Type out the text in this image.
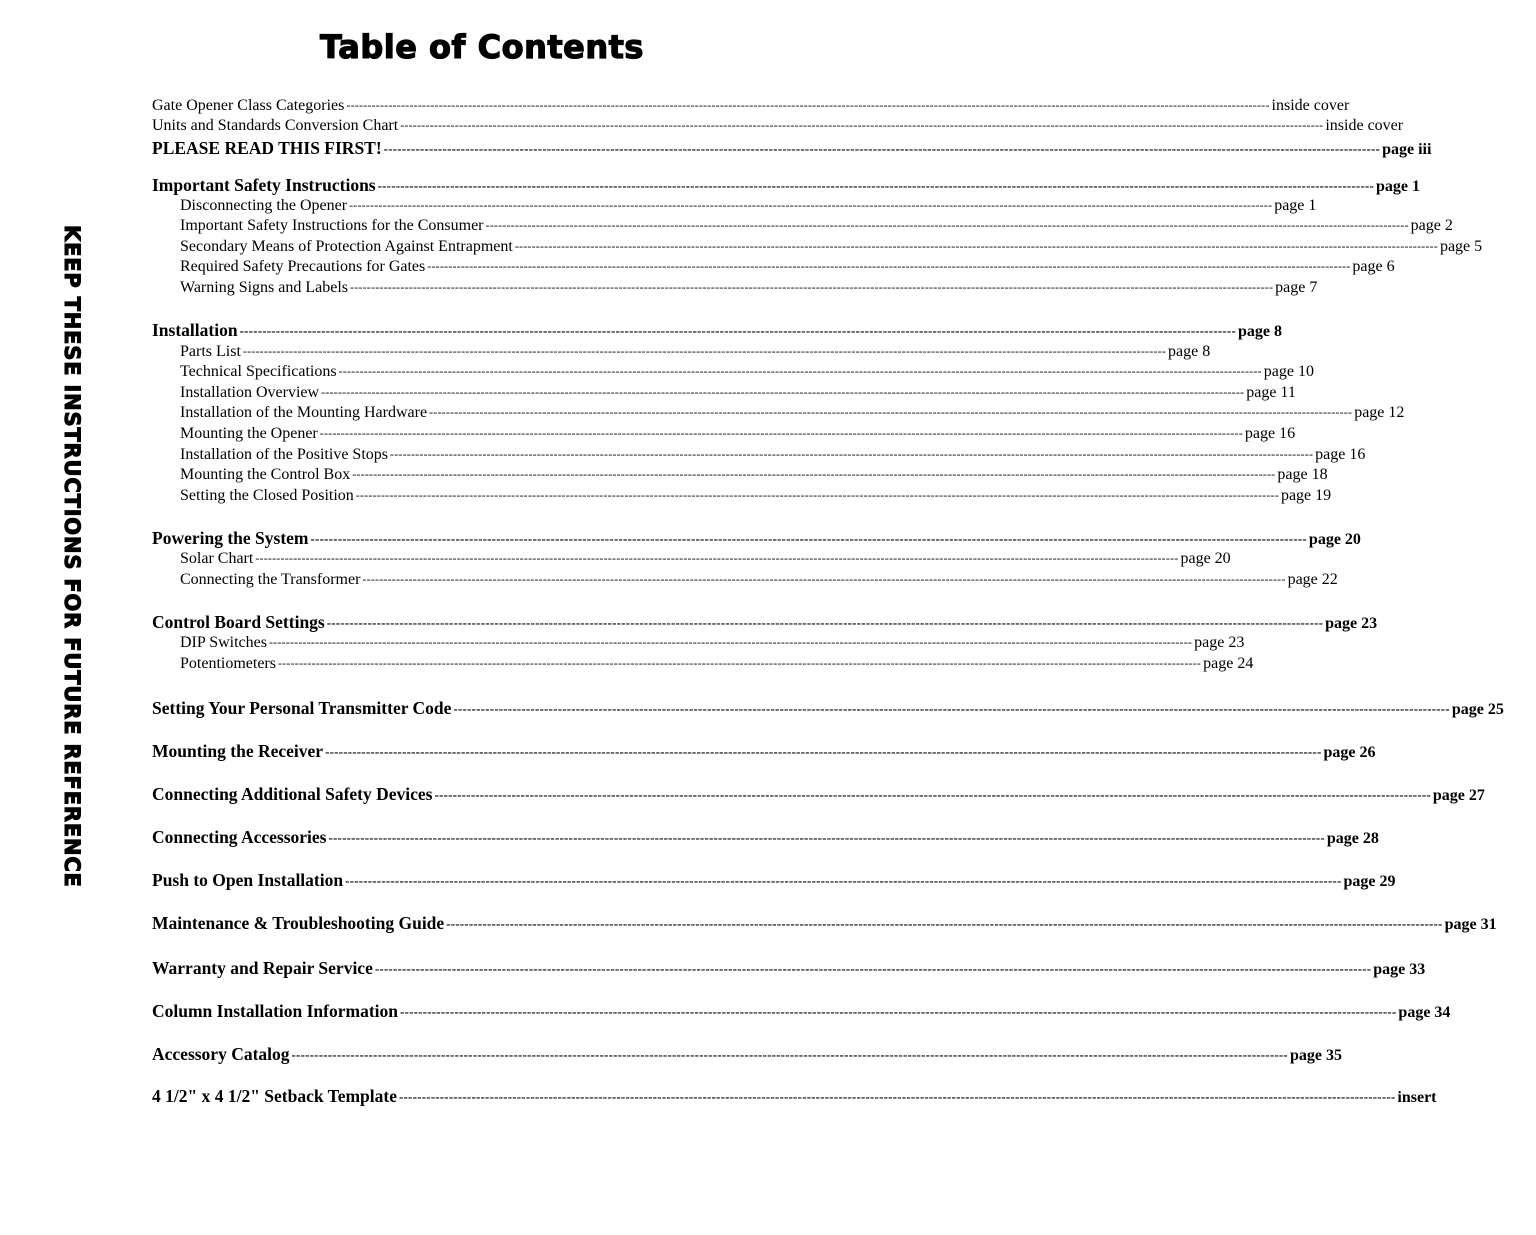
Table of Contents
KEEP THESE INSTRUCTIONS FOR FUTURE REFERENCE
Gate Opener Class Categories ---------------------------------------------------------------------------------------------------------------------------------------------------------------------------------------------------------------------------- inside cover
Units and Standards Conversion Chart ---------------------------------------------------------------------------------------------------------------------------------------------------------------------------------------------------------------------------- inside cover
PLEASE READ THIS FIRST! ---------------------------------------------------------------------------------------------------------------------------------------------------------------------------------------------------------------------------- page iii
Important Safety Instructions ---------------------------------------------------------------------------------------------------------------------------------------------------------------------------------------------------------------------------- page 1
Disconnecting the Opener ---------------------------------------------------------------------------------------------------------------------------------------------------------------------------------------------------------------------------- page 1
Important Safety Instructions for the Consumer ---------------------------------------------------------------------------------------------------------------------------------------------------------------------------------------------------------------------------- page 2
Secondary Means of Protection Against Entrapment ---------------------------------------------------------------------------------------------------------------------------------------------------------------------------------------------------------------------------- page 5
Required Safety Precautions for Gates ---------------------------------------------------------------------------------------------------------------------------------------------------------------------------------------------------------------------------- page 6
Warning Signs and Labels ---------------------------------------------------------------------------------------------------------------------------------------------------------------------------------------------------------------------------- page 7
Installation ---------------------------------------------------------------------------------------------------------------------------------------------------------------------------------------------------------------------------- page 8
Parts List ---------------------------------------------------------------------------------------------------------------------------------------------------------------------------------------------------------------------------- page 8
Technical Specifications ---------------------------------------------------------------------------------------------------------------------------------------------------------------------------------------------------------------------------- page 10
Installation Overview ---------------------------------------------------------------------------------------------------------------------------------------------------------------------------------------------------------------------------- page 11
Installation of the Mounting Hardware ---------------------------------------------------------------------------------------------------------------------------------------------------------------------------------------------------------------------------- page 12
Mounting the Opener ---------------------------------------------------------------------------------------------------------------------------------------------------------------------------------------------------------------------------- page 16
Installation of the Positive Stops ---------------------------------------------------------------------------------------------------------------------------------------------------------------------------------------------------------------------------- page 16
Mounting the Control Box ---------------------------------------------------------------------------------------------------------------------------------------------------------------------------------------------------------------------------- page 18
Setting the Closed Position ---------------------------------------------------------------------------------------------------------------------------------------------------------------------------------------------------------------------------- page 19
Powering the System ---------------------------------------------------------------------------------------------------------------------------------------------------------------------------------------------------------------------------- page 20
Solar Chart ---------------------------------------------------------------------------------------------------------------------------------------------------------------------------------------------------------------------------- page 20
Connecting the Transformer ---------------------------------------------------------------------------------------------------------------------------------------------------------------------------------------------------------------------------- page 22
Control Board Settings ---------------------------------------------------------------------------------------------------------------------------------------------------------------------------------------------------------------------------- page 23
DIP Switches ---------------------------------------------------------------------------------------------------------------------------------------------------------------------------------------------------------------------------- page 23
Potentiometers ---------------------------------------------------------------------------------------------------------------------------------------------------------------------------------------------------------------------------- page 24
Setting Your Personal Transmitter Code ---------------------------------------------------------------------------------------------------------------------------------------------------------------------------------------------------------------------------- page 25
Mounting the Receiver ---------------------------------------------------------------------------------------------------------------------------------------------------------------------------------------------------------------------------- page 26
Connecting Additional Safety Devices ---------------------------------------------------------------------------------------------------------------------------------------------------------------------------------------------------------------------------- page 27
Connecting Accessories ---------------------------------------------------------------------------------------------------------------------------------------------------------------------------------------------------------------------------- page 28
Push to Open Installation ---------------------------------------------------------------------------------------------------------------------------------------------------------------------------------------------------------------------------- page 29
Maintenance & Troubleshooting Guide ---------------------------------------------------------------------------------------------------------------------------------------------------------------------------------------------------------------------------- page 31
Warranty and Repair Service ---------------------------------------------------------------------------------------------------------------------------------------------------------------------------------------------------------------------------- page 33
Column Installation Information ---------------------------------------------------------------------------------------------------------------------------------------------------------------------------------------------------------------------------- page 34
Accessory Catalog ---------------------------------------------------------------------------------------------------------------------------------------------------------------------------------------------------------------------------- page 35
4 1/2" x 4 1/2" Setback Template ---------------------------------------------------------------------------------------------------------------------------------------------------------------------------------------------------------------------------- insert
